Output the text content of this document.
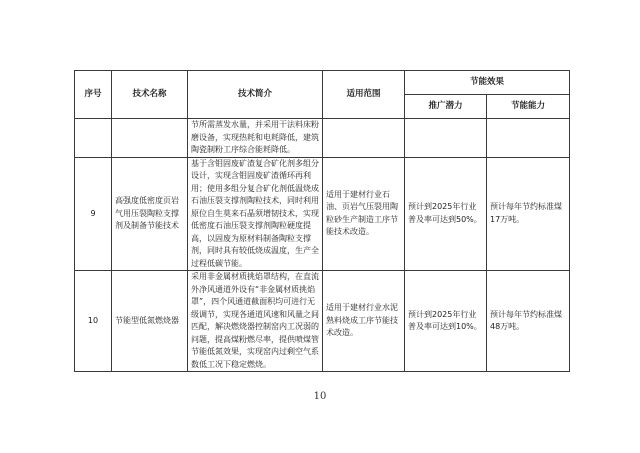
序号	技术名称	技术简介	适用范围	节能效果	
				推广潜力	节能能力
		节所需蒸发水量，并采用干法料床粉磨设备，实现热耗和电耗降低，建筑陶瓷制粉工序综合能耗降低。			
9	高强度低密度页岩气用压裂陶粒支撑剂及制备节能技术	基于含钼固废矿渣复合矿化剂多组分设计，实现含钼固废矿渣循环再利用；使用多组分复合矿化剂低温烧成石油压裂支撑剂陶粒技术，同时利用原位自生莫来石晶须增韧技术，实现低密度石油压裂支撑剂陶粒硬度提高，以固废为原材料制备陶粒支撑剂，同时具有较低烧成温度，生产全过程低碳节能。	适用于建材行业石油、页岩气压裂用陶粒砂生产制造工序节能技术改造。	预计到2025年行业普及率可达到50%。	预计每年节约标准煤 17万吨。
10	节能型低氮燃烧器	采用非金属材质挑焰罩结构，在直流外净风通道外设有“非金属材质挑焰罩”，四个风通道截面积均可进行无级调节，实现各通道风速和风量之间匹配，解决燃烧器控制窑内工况弱的问题，提高煤粉燃尽率，提供喷煤管节能低氮效果，实现窑内过剩空气系数低工况下稳定燃烧。	适用于建材行业水泥熟料烧成工序节能技术改造。	预计到2025年行业普及率可达到10%。	预计每年节约标准煤 48万吨。
10
